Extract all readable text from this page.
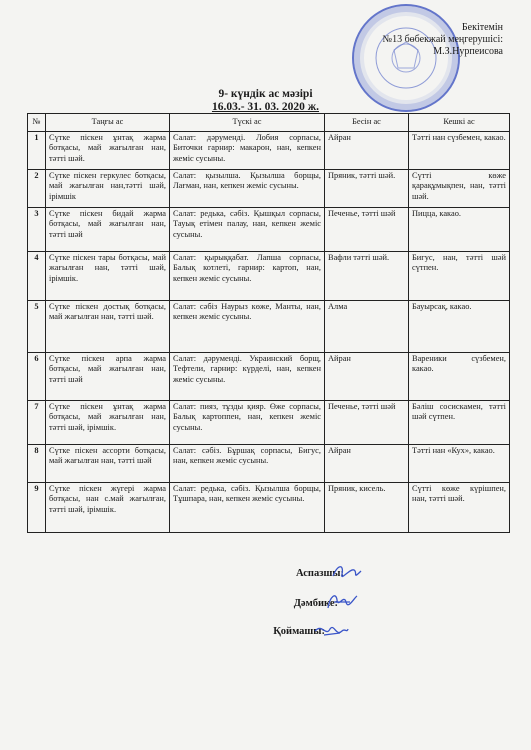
Бекітемін
№13 бөбекжай меңгерушісі:
М.З.Нурпеисова
9- күндік ас мәзірі
16.03.- 31. 03. 2020 ж.
№	Таңғы ас	Түскі ас	Бесін ас	Кешкі ас
1	Сүтке піскен ұнтақ жарма ботқасы, май жағылған нан, тәтті шәй.	Салат: дәруменді. Лобия сорпасы, Биточки гарнир: макарон, нан, кепкен жеміс сусыны.	Айран	Тәтті нан сүзбемен, какао.
2	Сүтке піскен геркулес ботқасы, май жағылған нан,тәтті шәй, ірімшік	Салат: қызылша. Қызылша борщы, Лағман, нан, кепкен жеміс сусыны.	Пряник, тәтті шәй.	Сүтті көже қарақұмықпен, нан, тәтті шәй.
3	Сүтке піскен бидай жарма ботқасы, май жағылған нан, тәтті шәй	Салат: редька, сәбіз. Қышқыл сорпасы, Тауық етімен палау, нан, кепкен жеміс сусыны.	Печенье, тәтті шәй	Пицца, какао.
4	Сүтке піскен тары ботқасы, май жағылған нан, тәтті шәй, ірімшік.	Салат: қырыққабат. Лапша сорпасы, Балық котлеті, гарнир: картоп, нан, кепкен жеміс сусыны.	Вафли тәтті шәй.	Бигус, нан, тәтті шәй сүтпен.
5	Сүтке піскен достық ботқасы, май жағылған нан, тәтті шәй.	Салат: сәбіз Наурыз көже, Манты, нан, кепкен жеміс сусыны.	Алма	Бауырсақ, какао.
6	Сүтке піскен арпа жарма ботқасы, май жағылған нан, тәтті шәй	Салат: дәруменді. Украинский борщ, Тефтели, гарнир: күрделі, нан, кепкен жеміс сусыны.	Айран	Вареники сүзбемен, какао.
7	Сүтке піскен ұнтақ жарма ботқасы, май жағылған нан, тәтті шәй, ірімшік.	Салат: пияз, тұзды қияр. Өже сорпасы, Балық картоппен, нан, кепкен жеміс сусыны.	Печенье, тәтті шәй	Бәліш сосискамен, тәтті шәй сүтпен.
8	Сүтке піскен ассорти ботқасы, май жағылған нан, тәтті шәй	Салат: сәбіз. Бұршақ сорпасы, Бигус, нан, кепкен жеміс сусыны.	Айран	Тәтті нан «Кух», какао.
9	Сүтке піскен жүгері жарма ботқасы, нан с.май жағылған, тәтті шәй, ірімшік.	Салат: редька, сәбіз. Қызылша борщы, Тұшпара, нан, кепкен жеміс сусыны.	Пряник, кисель.	Сүтті көже күрішпен, нан, тәтті шәй.
Аспазшы:
Дәмбике:
Қоймашы:
